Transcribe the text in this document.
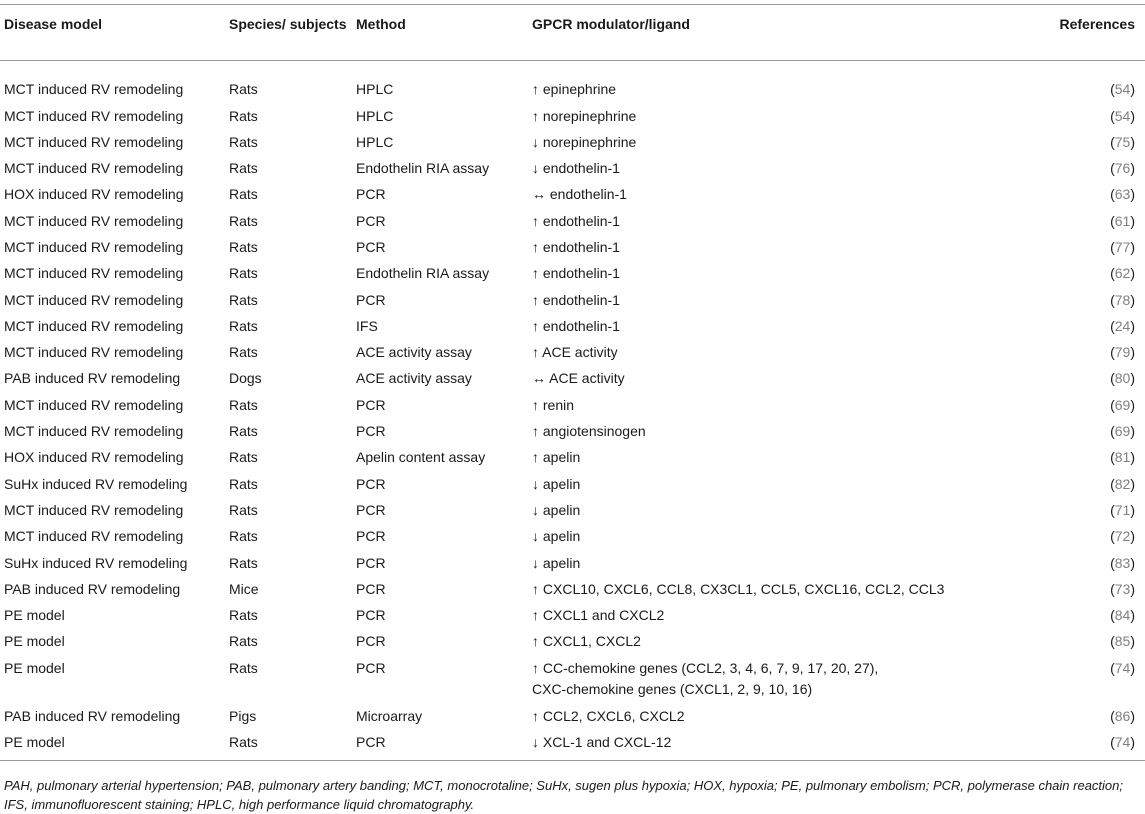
Disease model	Species/ subjects	Method	GPCR modulator/ligand	References
MCT induced RV remodeling	Rats	HPLC	↑ epinephrine	(54)
MCT induced RV remodeling	Rats	HPLC	↑ norepinephrine	(54)
MCT induced RV remodeling	Rats	HPLC	↓ norepinephrine	(75)
MCT induced RV remodeling	Rats	Endothelin RIA assay	↓ endothelin-1	(76)
HOX induced RV remodeling	Rats	PCR	↔ endothelin-1	(63)
MCT induced RV remodeling	Rats	PCR	↑ endothelin-1	(61)
MCT induced RV remodeling	Rats	PCR	↑ endothelin-1	(77)
MCT induced RV remodeling	Rats	Endothelin RIA assay	↑ endothelin-1	(62)
MCT induced RV remodeling	Rats	PCR	↑ endothelin-1	(78)
MCT induced RV remodeling	Rats	IFS	↑ endothelin-1	(24)
MCT induced RV remodeling	Rats	ACE activity assay	↑ ACE activity	(79)
PAB induced RV remodeling	Dogs	ACE activity assay	↔ ACE activity	(80)
MCT induced RV remodeling	Rats	PCR	↑ renin	(69)
MCT induced RV remodeling	Rats	PCR	↑ angiotensinogen	(69)
HOX induced RV remodeling	Rats	Apelin content assay	↑ apelin	(81)
SuHx induced RV remodeling	Rats	PCR	↓ apelin	(82)
MCT induced RV remodeling	Rats	PCR	↓ apelin	(71)
MCT induced RV remodeling	Rats	PCR	↓ apelin	(72)
SuHx induced RV remodeling	Rats	PCR	↓ apelin	(83)
PAB induced RV remodeling	Mice	PCR	↑ CXCL10, CXCL6, CCL8, CX3CL1, CCL5, CXCL16, CCL2, CCL3	(73)
PE model	Rats	PCR	↑ CXCL1 and CXCL2	(84)
PE model	Rats	PCR	↑ CXCL1, CXCL2	(85)
PE model	Rats	PCR	↑ CC-chemokine genes (CCL2, 3, 4, 6, 7, 9, 17, 20, 27),
CXC-chemokine genes (CXCL1, 2, 9, 10, 16)	(74)
PAB induced RV remodeling	Pigs	Microarray	↑ CCL2, CXCL6, CXCL2	(86)
PE model	Rats	PCR	↓ XCL-1 and CXCL-12	(74)
PAH, pulmonary arterial hypertension; PAB, pulmonary artery banding; MCT, monocrotaline; SuHx, sugen plus hypoxia; HOX, hypoxia; PE, pulmonary embolism; PCR, polymerase chain reaction; IFS, immunofluorescent staining; HPLC, high performance liquid chromatography.
